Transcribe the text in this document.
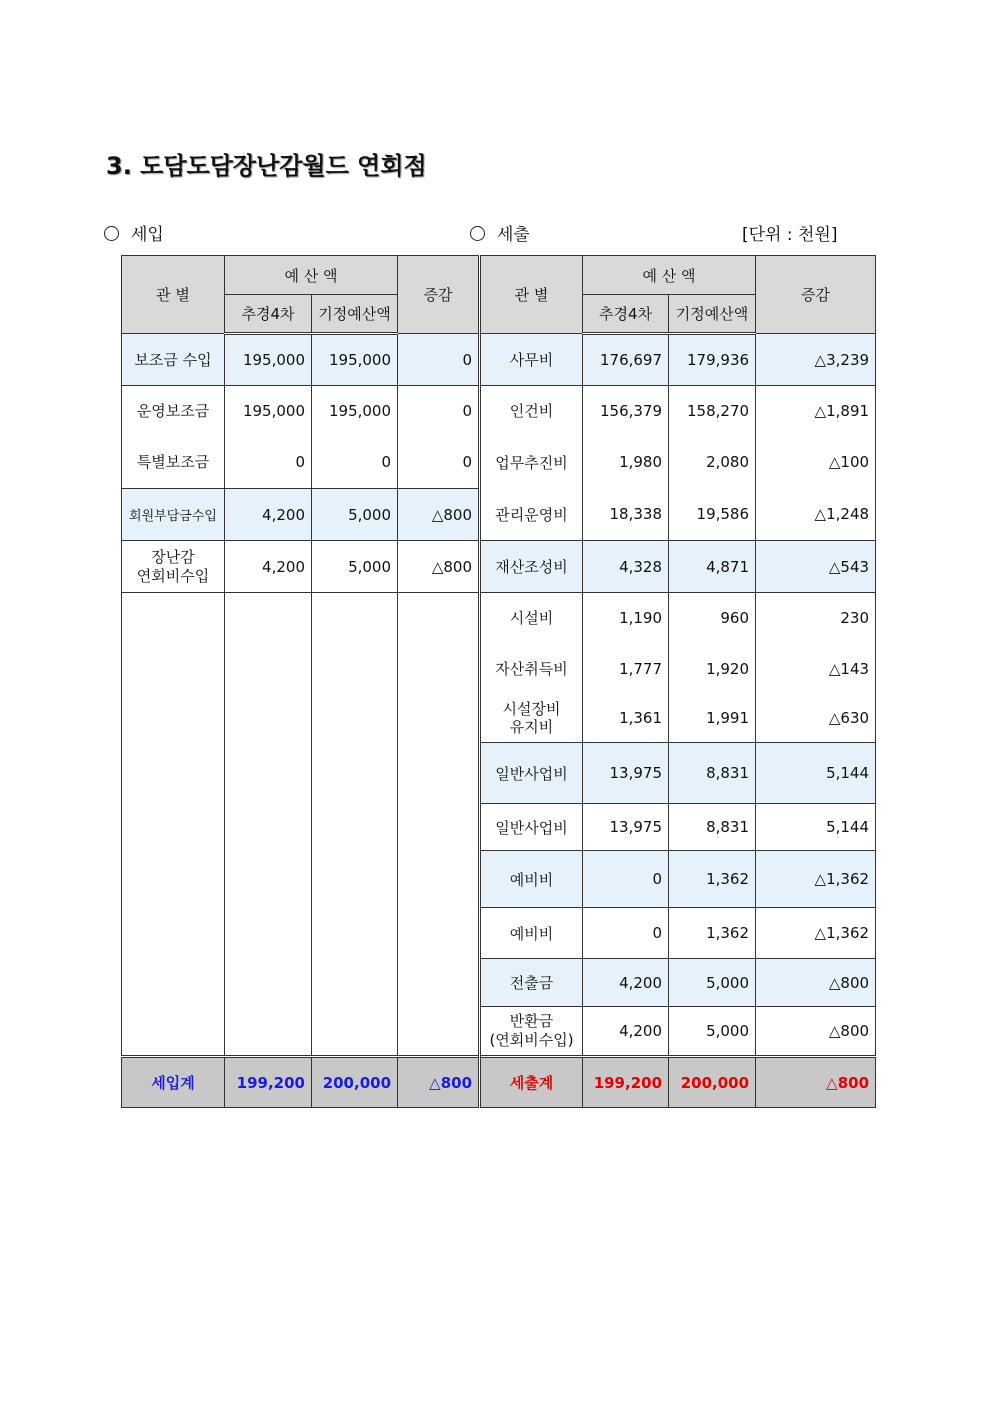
3. 도담도담장난감월드 연회점
세입	세출	[단위 : 천원]
관 별	예 산 액		증감	관 별	예 산 액		증감
	추경4차	기정예산액			추경4차	기정예산액	
보조금 수입	195,000	195,000	0	사무비	176,697	179,936	△3,239
운영보조금	195,000	195,000	0	인건비	156,379	158,270	△1,891
특별보조금	0	0	0	업무추진비	1,980	2,080	△100
회원부담금수입	4,200	5,000	△800	관리운영비	18,338	19,586	△1,248
장난감
연회비수입	4,200	5,000	△800	재산조성비	4,328	4,871	△543
				시설비	1,190	960	230
				자산취득비	1,777	1,920	△143
				시설장비
유지비	1,361	1,991	△630
				일반사업비	13,975	8,831	5,144
				일반사업비	13,975	8,831	5,144
				예비비	0	1,362	△1,362
				예비비	0	1,362	△1,362
				전출금	4,200	5,000	△800
				반환금
(연회비수입)	4,200	5,000	△800
세입계	199,200	200,000	△800	세출계	199,200	200,000	△800
